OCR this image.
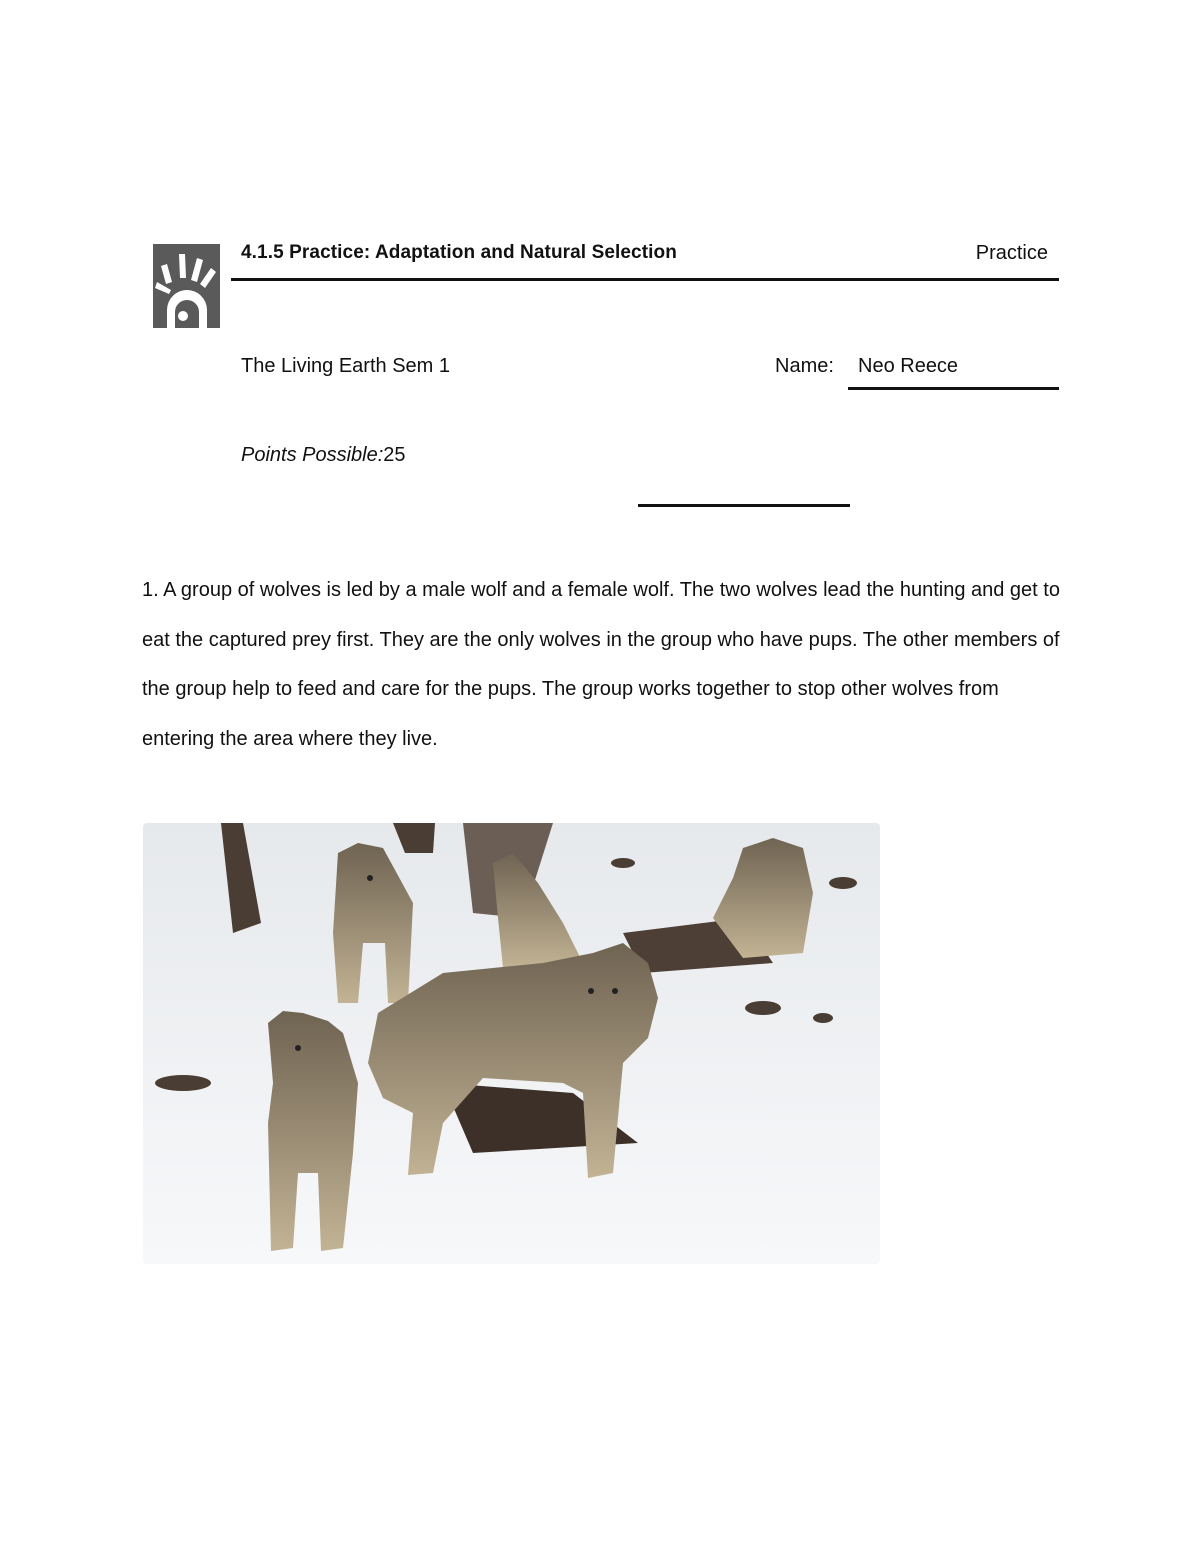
4.1.5 Practice: Adaptation and Natural Selection	Practice
The Living Earth Sem 1	Name: Neo Reece
Points Possible:25
1. A group of wolves is led by a male wolf and a female wolf. The two wolves lead the hunting and get to eat the captured prey first. They are the only wolves in the group who have pups. The other members of the group help to feed and care for the pups. The group works together to stop other wolves from entering the area where they live.
